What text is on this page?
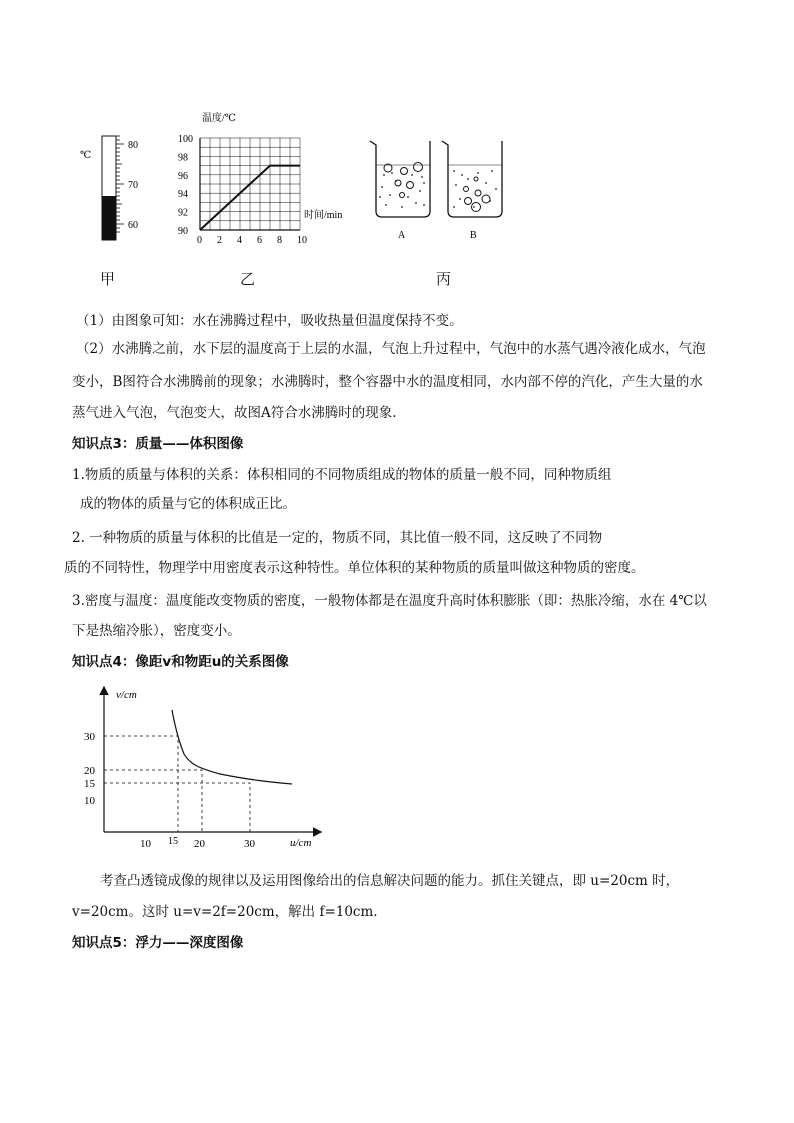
℃
80
70
60
甲
温度/℃
时间/min
0 2 4 6 8 10
90
92
94
96
98
100
乙
A	B
丙
（1）由图象可知：水在沸腾过程中，吸收热量但温度保持不变。
（2）水沸腾之前，水下层的温度高于上层的水温，气泡上升过程中，气泡中的水蒸气遇冷液化成水，气泡
变小，B图符合水沸腾前的现象；水沸腾时，整个容器中水的温度相同，水内部不停的汽化，产生大量的水
蒸气进入气泡，气泡变大，故图A符合水沸腾时的现象.
知识点3：质量——体积图像
1.物质的质量与体积的关系：体积相同的不同物质组成的物体的质量一般不同，同种物质组
成的物体的质量与它的体积成正比。
2. 一种物质的质量与体积的比值是一定的，物质不同，其比值一般不同，这反映了不同物
质的不同特性，物理学中用密度表示这种特性。单位体积的某种物质的质量叫做这种物质的密度。
3.密度与温度：温度能改变物质的密度，一般物体都是在温度升高时体积膨胀（即：热胀冷缩，水在 4℃以
下是热缩冷胀），密度变小。
知识点4：像距v和物距u的关系图像
v/cm
u/cm
30
20
15
10
10 15 20	30
考查凸透镜成像的规律以及运用图像给出的信息解决问题的能力。抓住关键点，即 u=20cm 时，
v=20cm。这时 u=v=2f=20cm，解出 f=10cm.
知识点5：浮力——深度图像
